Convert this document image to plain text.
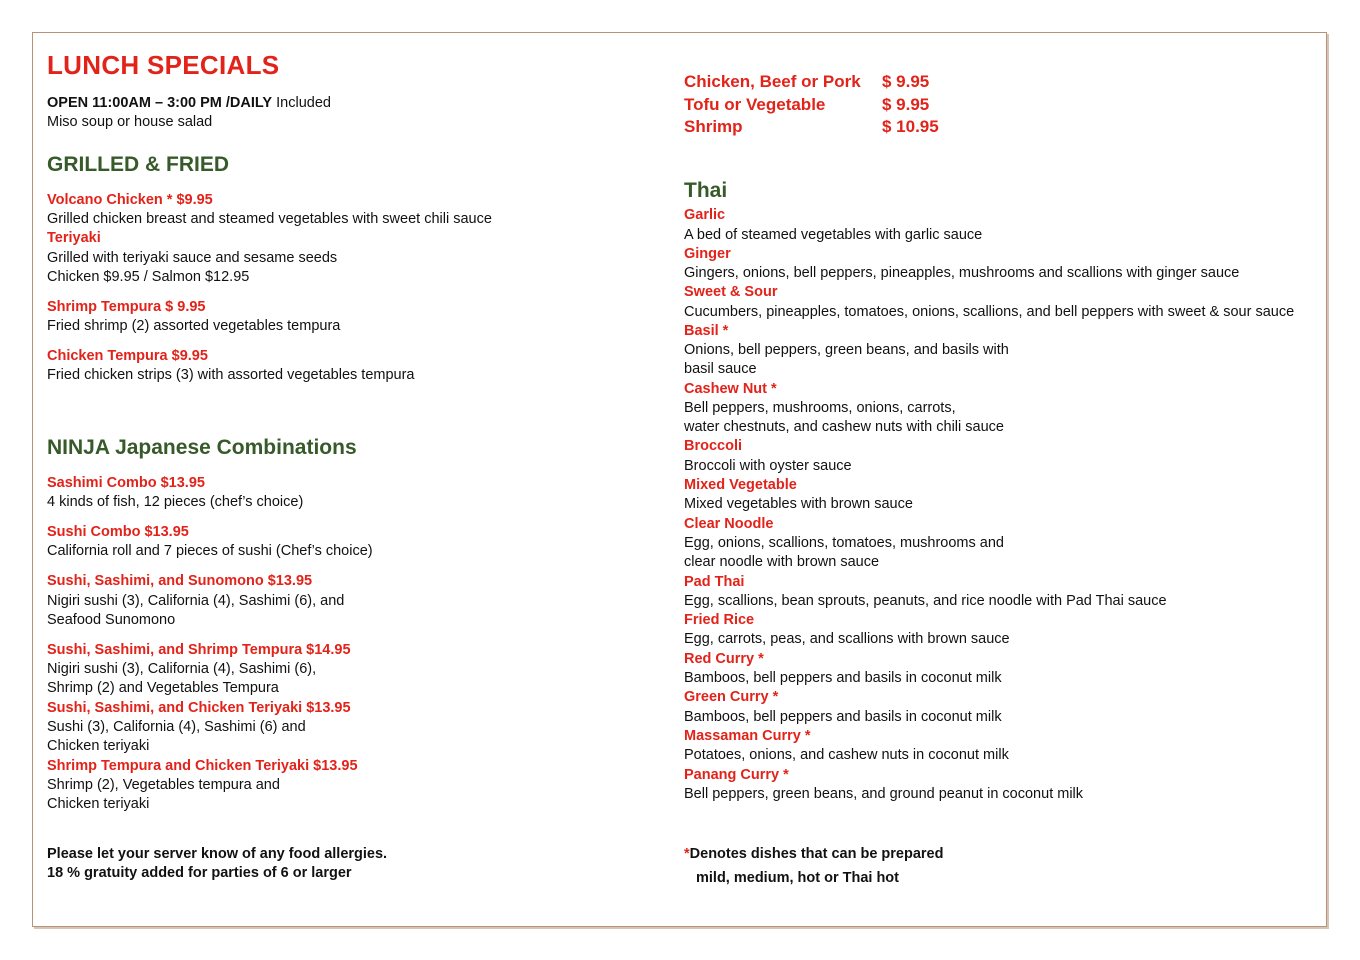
LUNCH SPECIALS
OPEN 11:00AM – 3:00 PM /DAILY Included
Miso soup or house salad
GRILLED & FRIED
Volcano Chicken * $9.95
Grilled chicken breast and steamed vegetables with sweet chili sauce
Teriyaki
Grilled with teriyaki sauce and sesame seeds
Chicken $9.95 / Salmon $12.95
Shrimp Tempura $ 9.95
Fried shrimp (2) assorted vegetables tempura
Chicken Tempura $9.95
Fried chicken strips (3) with assorted vegetables tempura
NINJA Japanese Combinations
Sashimi Combo $13.95
4 kinds of fish, 12 pieces (chef’s choice)
Sushi Combo $13.95
California roll and 7 pieces of sushi (Chef’s choice)
Sushi, Sashimi, and Sunomono $13.95
Nigiri sushi (3), California (4), Sashimi (6), and
Seafood Sunomono
Sushi, Sashimi, and Shrimp Tempura $14.95
Nigiri sushi (3), California (4), Sashimi (6),
Shrimp (2) and Vegetables Tempura
Sushi, Sashimi, and Chicken Teriyaki $13.95
Sushi (3), California (4), Sashimi (6) and
Chicken teriyaki
Shrimp Tempura and Chicken Teriyaki $13.95
Shrimp (2), Vegetables tempura and
Chicken teriyaki
Please let your server know of any food allergies.
18 % gratuity added for parties of 6 or larger
Chicken, Beef or Pork $ 9.95
Tofu or Vegetable	$ 9.95
Shrimp	$ 10.95
Thai
Garlic
A bed of steamed vegetables with garlic sauce
Ginger
Gingers, onions, bell peppers, pineapples, mushrooms and scallions with ginger sauce
Sweet & Sour
Cucumbers, pineapples, tomatoes, onions, scallions, and bell peppers with sweet & sour sauce
Basil *
Onions, bell peppers, green beans, and basils with
basil sauce
Cashew Nut *
Bell peppers, mushrooms, onions, carrots,
water chestnuts, and cashew nuts with chili sauce
Broccoli
Broccoli with oyster sauce
Mixed Vegetable
Mixed vegetables with brown sauce
Clear Noodle
Egg, onions, scallions, tomatoes, mushrooms and
clear noodle with brown sauce
Pad Thai
Egg, scallions, bean sprouts, peanuts, and rice noodle with Pad Thai sauce
Fried Rice
Egg, carrots, peas, and scallions with brown sauce
Red Curry *
Bamboos, bell peppers and basils in coconut milk
Green Curry *
Bamboos, bell peppers and basils in coconut milk
Massaman Curry *
Potatoes, onions, and cashew nuts in coconut milk
Panang Curry *
Bell peppers, green beans, and ground peanut in coconut milk
*Denotes dishes that can be prepared
mild, medium, hot or Thai hot
